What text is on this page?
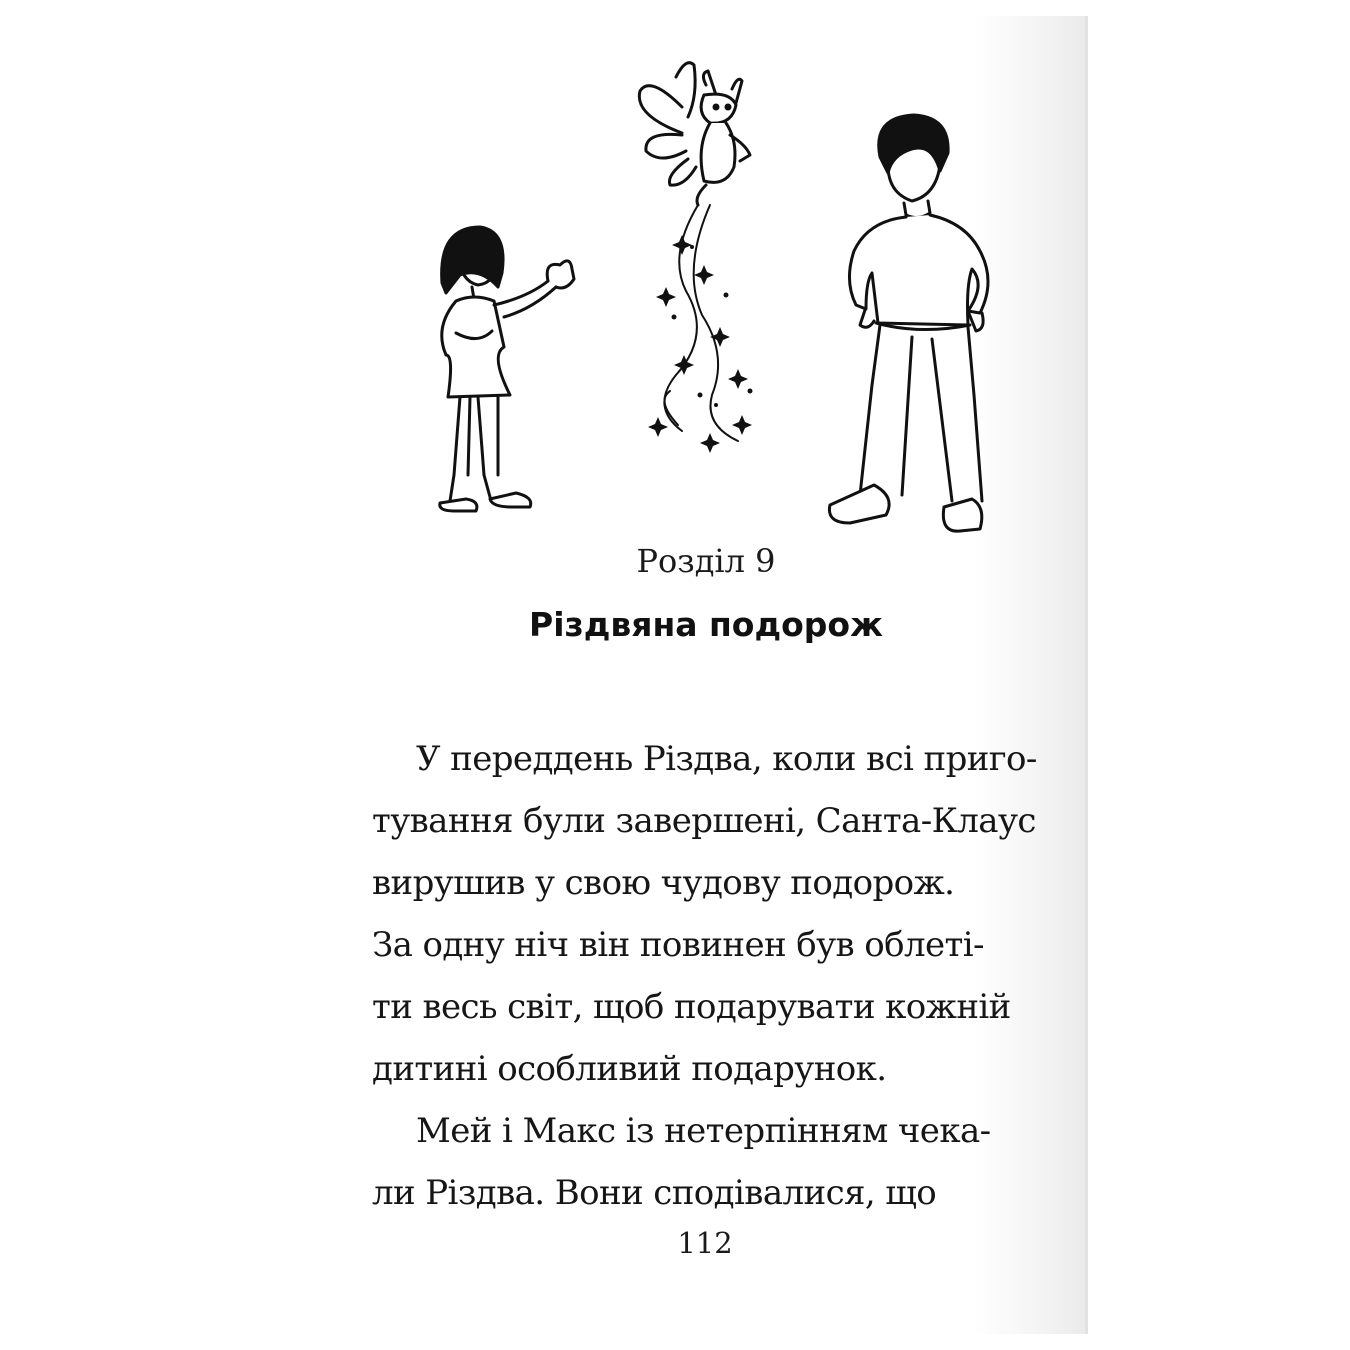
Розділ 9
Різдвяна подорож
У переддень Різдва, коли всі приго-
тування були завершені, Санта-Клаус
вирушив у свою чудову подорож.
За одну ніч він повинен був облеті-
ти весь світ, щоб подарувати кожній
дитині особливий подарунок.
Мей і Макс із нетерпінням чека-
ли Різдва. Вони сподівалися, що
112
